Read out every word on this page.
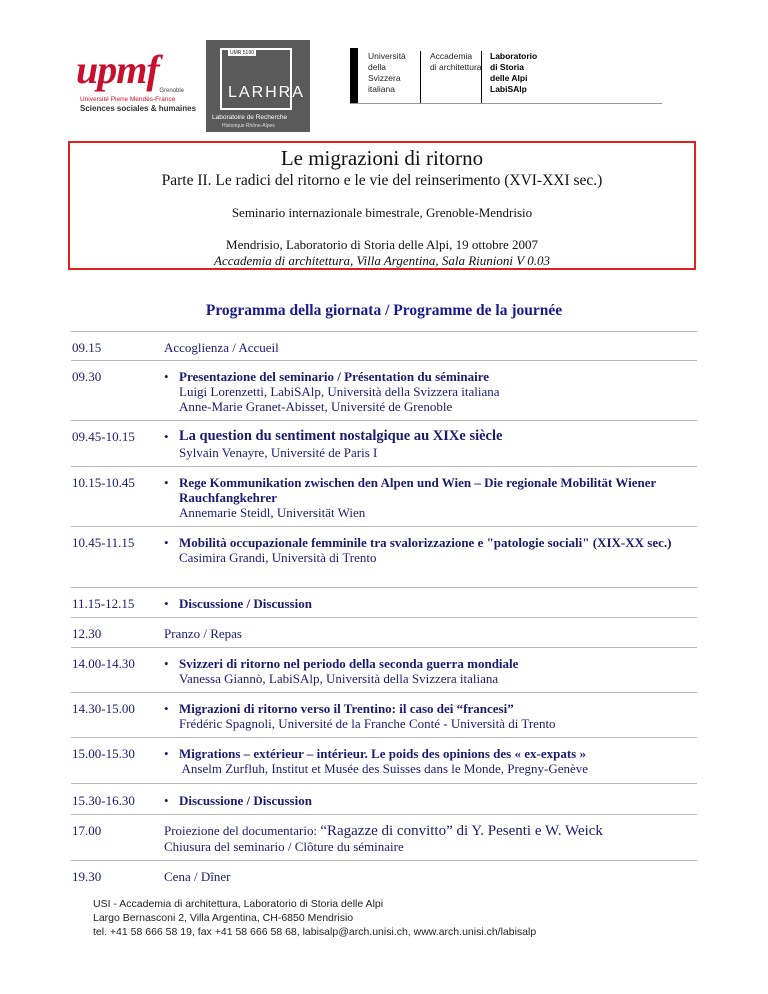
upmf Grenoble
Université Pierre Mendès-France
Sciences sociales & humaines
UMR 5190
LARHRA
Laboratoire de Recherche
Historique Rhône-Alpes
Università
della
Svizzera
italiana
Accademia
di architettura
Laboratorio
di Storia
delle Alpi
LabiSAlp
Le migrazioni di ritorno
Parte II. Le radici del ritorno e le vie del reinserimento (XVI-XXI sec.)
Seminario internazionale bimestrale, Grenoble-Mendrisio
Mendrisio, Laboratorio di Storia delle Alpi, 19 ottobre 2007
Accademia di architettura, Villa Argentina, Sala Riunioni V 0.03
Programma della giornata / Programme de la journée
09.15	Accoglienza / Accueil
09.30	• Presentazione del seminario / Présentation du séminaire
Luigi Lorenzetti, LabiSAlp, Università della Svizzera italiana
Anne-Marie Granet-Abisset, Université de Grenoble
09.45-10.15 • La question du sentiment nostalgique au XIXe siècle
Sylvain Venayre, Université de Paris I
10.15-10.45 • Rege Kommunikation zwischen den Alpen und Wien – Die regionale Mobilität Wiener Rauchfangkehrer
Annemarie Steidl, Universität Wien
10.45-11.15 • Mobilità occupazionale femminile tra svalorizzazione e "patologie sociali" (XIX-XX sec.)
Casimira Grandi, Università di Trento
11.15-12.15 • Discussione / Discussion
12.30	Pranzo / Repas
14.00-14.30 • Svizzeri di ritorno nel periodo della seconda guerra mondiale
Vanessa Giannò, LabiSAlp, Università della Svizzera italiana
14.30-15.00 • Migrazioni di ritorno verso il Trentino: il caso dei “francesi”
Frédéric Spagnoli, Université de la Franche Conté - Università di Trento
15.00-15.30 • Migrations – extérieur – intérieur. Le poids des opinions des « ex-expats »
Anselm Zurfluh, Institut et Musée des Suisses dans le Monde, Pregny-Genève
15.30-16.30 • Discussione / Discussion
17.00	Proiezione del documentario: “Ragazze di convitto” di Y. Pesenti e W. Weick
Chiusura del seminario / Clôture du séminaire
19.30	Cena / Dîner
USI - Accademia di architettura, Laboratorio di Storia delle Alpi
Largo Bernasconi 2, Villa Argentina, CH-6850 Mendrisio
tel. +41 58 666 58 19, fax +41 58 666 58 68, labisalp@arch.unisi.ch, www.arch.unisi.ch/labisalp
